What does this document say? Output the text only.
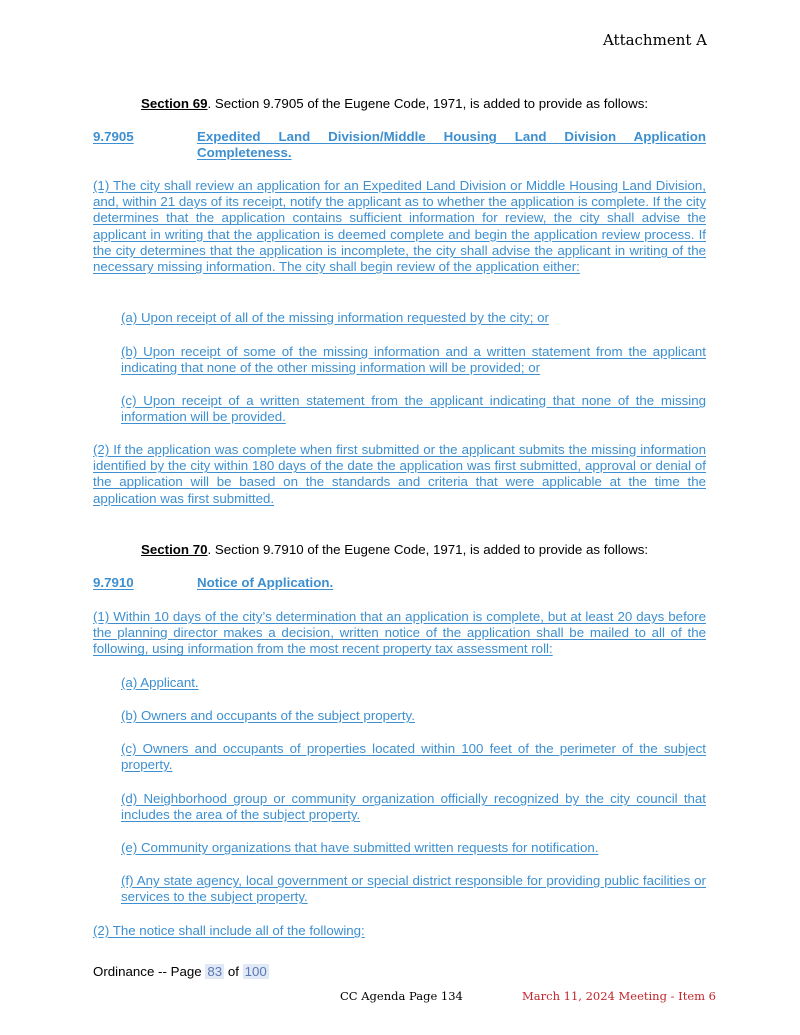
Attachment A
Section 69. Section 9.7905 of the Eugene Code, 1971, is added to provide as follows:
9.7905	Expedited Land Division/Middle Housing Land Division Application Completeness.
(1) The city shall review an application for an Expedited Land Division or Middle Housing Land Division, and, within 21 days of its receipt, notify the applicant as to whether the application is complete. If the city determines that the application contains sufficient information for review, the city shall advise the applicant in writing that the application is deemed complete and begin the application review process. If the city determines that the application is incomplete, the city shall advise the applicant in writing of the necessary missing information. The city shall begin review of the application either:
(a) Upon receipt of all of the missing information requested by the city; or
(b) Upon receipt of some of the missing information and a written statement from the applicant indicating that none of the other missing information will be provided; or
(c) Upon receipt of a written statement from the applicant indicating that none of the missing information will be provided.
(2) If the application was complete when first submitted or the applicant submits the missing information identified by the city within 180 days of the date the application was first submitted, approval or denial of the application will be based on the standards and criteria that were applicable at the time the application was first submitted.
Section 70. Section 9.7910 of the Eugene Code, 1971, is added to provide as follows:
9.7910	Notice of Application.
(1) Within 10 days of the city’s determination that an application is complete, but at least 20 days before the planning director makes a decision, written notice of the application shall be mailed to all of the following, using information from the most recent property tax assessment roll:
(a) Applicant.
(b) Owners and occupants of the subject property.
(c) Owners and occupants of properties located within 100 feet of the perimeter of the subject property.
(d) Neighborhood group or community organization officially recognized by the city council that includes the area of the subject property.
(e) Community organizations that have submitted written requests for notification.
(f) Any state agency, local government or special district responsible for providing public facilities or services to the subject property.
(2) The notice shall include all of the following:
Ordinance -- Page 83 of 100
CC Agenda Page 134	March 11, 2024 Meeting - Item 6
